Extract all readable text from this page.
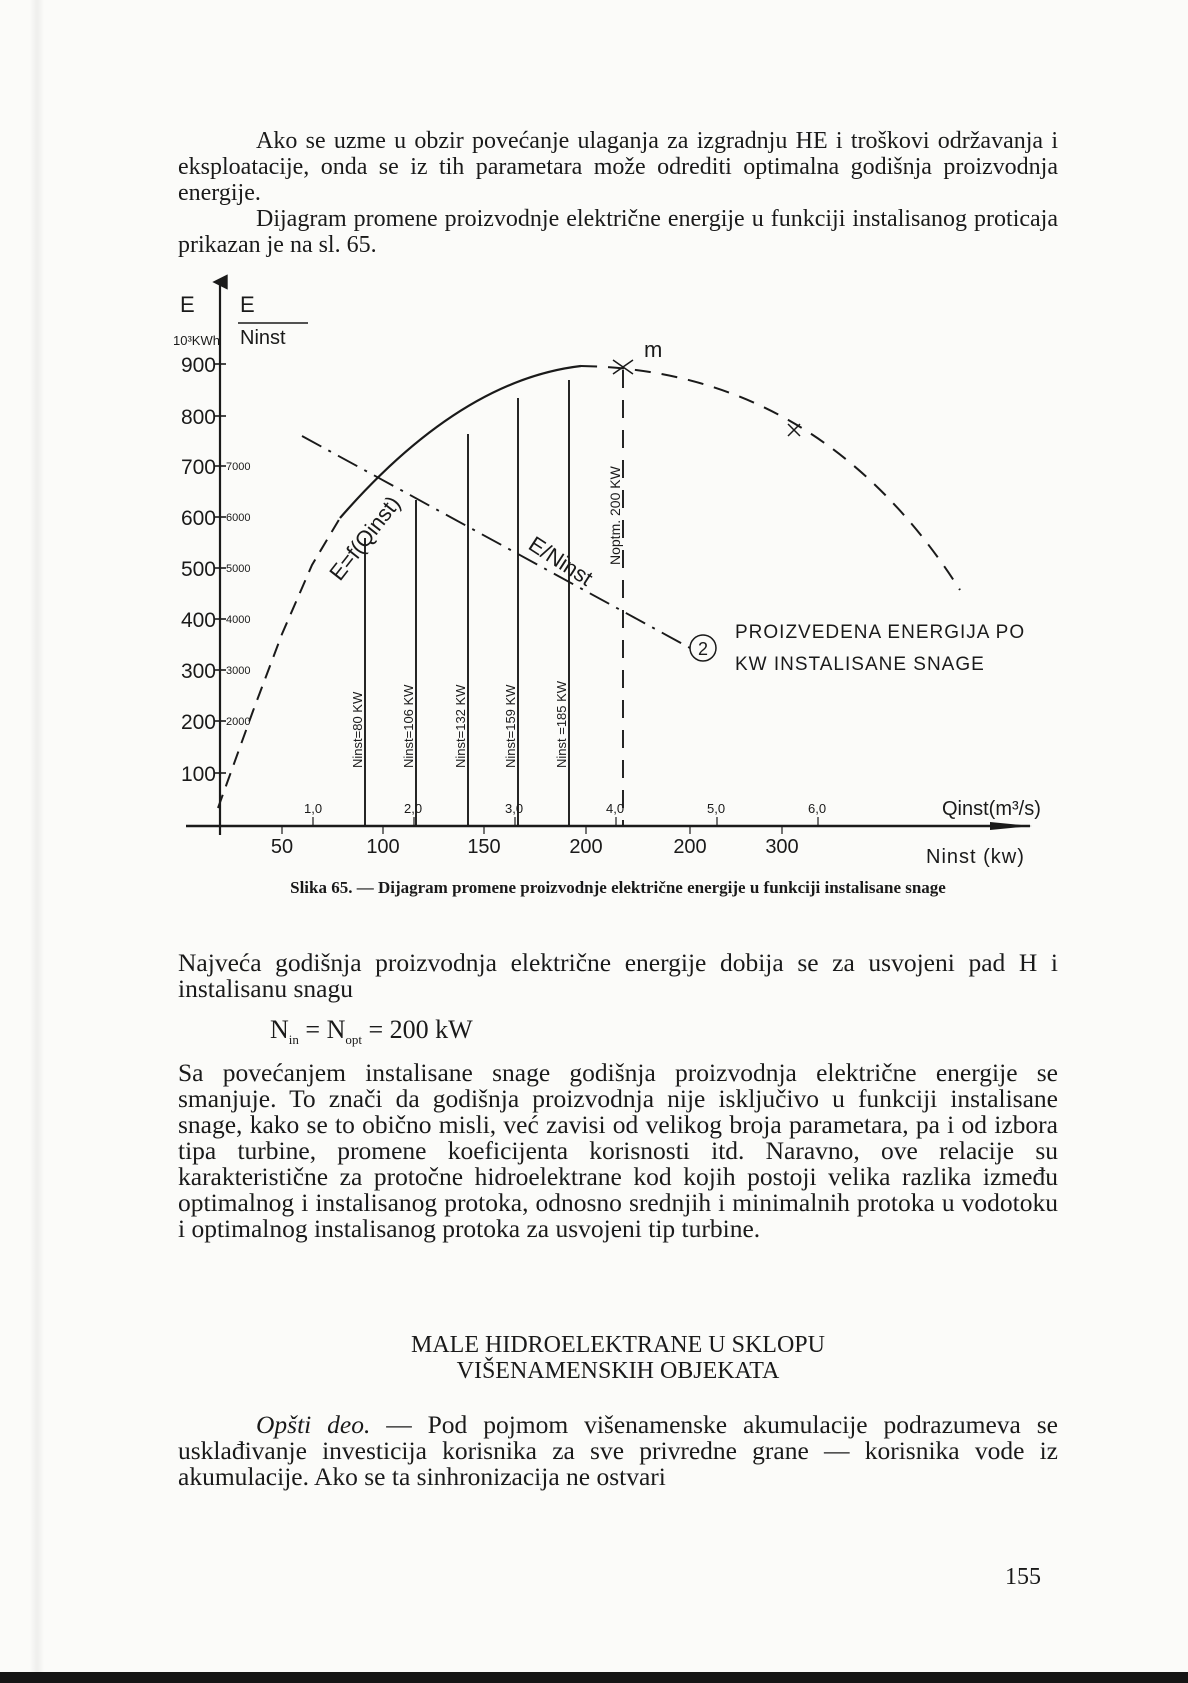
Ako se uzme u obzir povećanje ulaganja za izgradnju HE i troškovi održavanja i eksploatacije, onda se iz tih parametara može odrediti optimalna godišnja proizvodnja energije.

Dijagram promene proizvodnje električne energije u funkciji instalisanog proticaja prikazan je na sl. 65.

E
10³KWh
E
Ninst
900
800
700
600
500
400
300
200
100
7000
6000
5000
4000
3000
2000
m
E=f(Qinst)	E/Ninst
Ninst=80 KW	Ninst=106 KW	Ninst=132 KW	Ninst=159 KW	Ninst =185 KW
Noptm. 200 KW
2
PROIZVEDENA ENERGIJA PO
KW INSTALISANE SNAGE
1,0	2,0	3,0	4,0	5,0	6,0	Qinst(m³/s)
50	100	150	200	200	300	Ninst (kw)

Slika 65. — Dijagram promene proizvodnje električne energije u funkciji instalisane snage

Najveća godišnja proizvodnja električne energije dobija se za usvojeni pad H i instalisanu snagu

$N_{in} = N_{opt} = 200$ kW

Sa povećanjem instalisane snage godišnja proizvodnja električne energije se smanjuje. To znači da godišnja proizvodnja nije isključivo u funkciji instalisane snage, kako se to obično misli, već zavisi od velikog broja parametara, pa i od izbora tipa turbine, promene koeficijenta korisnosti itd. Naravno, ove relacije su karakteristične za protočne hidroelektrane kod kojih postoji velika razlika između optimalnog i instalisanog protoka, odnosno srednjih i minimalnih protoka u vodotoku i optimalnog instalisanog protoka za usvojeni tip turbine.

MALE HIDROELEKTRANE U SKLOPU

VIŠENAMENSKIH OBJEKATA

Opšti deo. — Pod pojmom višenamenske akumulacije podrazumeva se usklađivanje investicija korisnika za sve privredne grane — korisnika vode iz akumulacije. Ako se ta sinhronizacija ne ostvari

155
